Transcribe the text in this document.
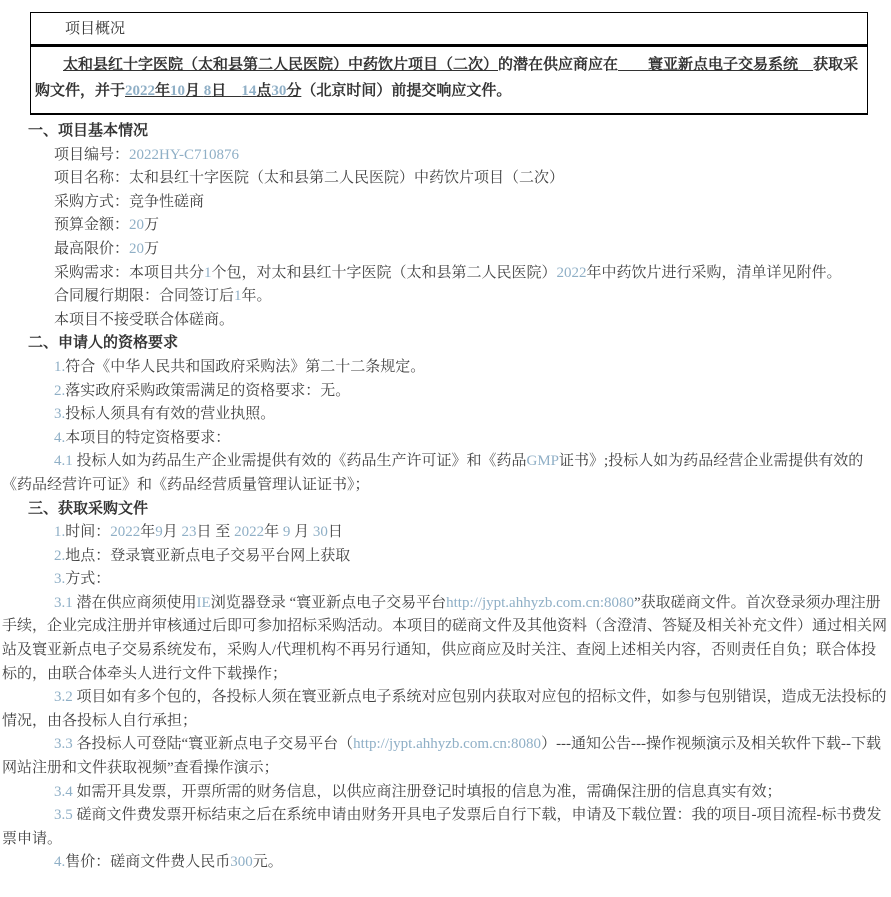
项目概况
太和县红十字医院（太和县第二人民医院）中药饮片项目（二次）的潜在供应商应在　　 寰亚新点电子交易系统　 获取采购文件，并于2022年10月 8日　14点30分（北京时间）前提交响应文件。
一、项目基本情况

项目编号：2022HY-C710876

项目名称：太和县红十字医院（太和县第二人民医院）中药饮片项目（二次）

采购方式：竞争性磋商

预算金额：20万

最高限价：20万

采购需求：本项目共分1个包，对太和县红十字医院（太和县第二人民医院）2022年中药饮片进行采购，清单详见附件。

合同履行期限：合同签订后1年。

本项目不接受联合体磋商。

二、申请人的资格要求

1.符合《中华人民共和国政府采购法》第二十二条规定。

2.落实政府采购政策需满足的资格要求：无。

3.投标人须具有有效的营业执照。

4.本项目的特定资格要求：

4.1 投标人如为药品生产企业需提供有效的《药品生产许可证》和《药品GMP证书》;投标人如为药品经营企业需提供有效的《药品经营许可证》和《药品经营质量管理认证证书》；

三、获取采购文件

1.时间：2022年9月 23日 至 2022年 9 月 30日

2.地点：登录寰亚新点电子交易平台网上获取

3.方式：

3.1 潜在供应商须使用IE浏览器登录 “寰亚新点电子交易平台http://jypt.ahhyzb.com.cn:8080”获取磋商文件。首次登录须办理注册手续，企业完成注册并审核通过后即可参加招标采购活动。本项目的磋商文件及其他资料（含澄清、答疑及相关补充文件）通过相关网站及寰亚新点电子交易系统发布，采购人/代理机构不再另行通知，供应商应及时关注、查阅上述相关内容，否则责任自负；联合体投标的，由联合体牵头人进行文件下载操作；

3.2 项目如有多个包的，各投标人须在寰亚新点电子系统对应包别内获取对应包的招标文件，如参与包别错误，造成无法投标的情况，由各投标人自行承担；

3.3 各投标人可登陆“寰亚新点电子交易平台（http://jypt.ahhyzb.com.cn:8080）---通知公告---操作视频演示及相关软件下载--下载网站注册和文件获取视频”查看操作演示；

3.4 如需开具发票，开票所需的财务信息，以供应商注册登记时填报的信息为准，需确保注册的信息真实有效；

3.5 磋商文件费发票开标结束之后在系统申请由财务开具电子发票后自行下载，申请及下载位置：我的项目-项目流程-标书费发票申请。

4.售价：磋商文件费人民币300元。
